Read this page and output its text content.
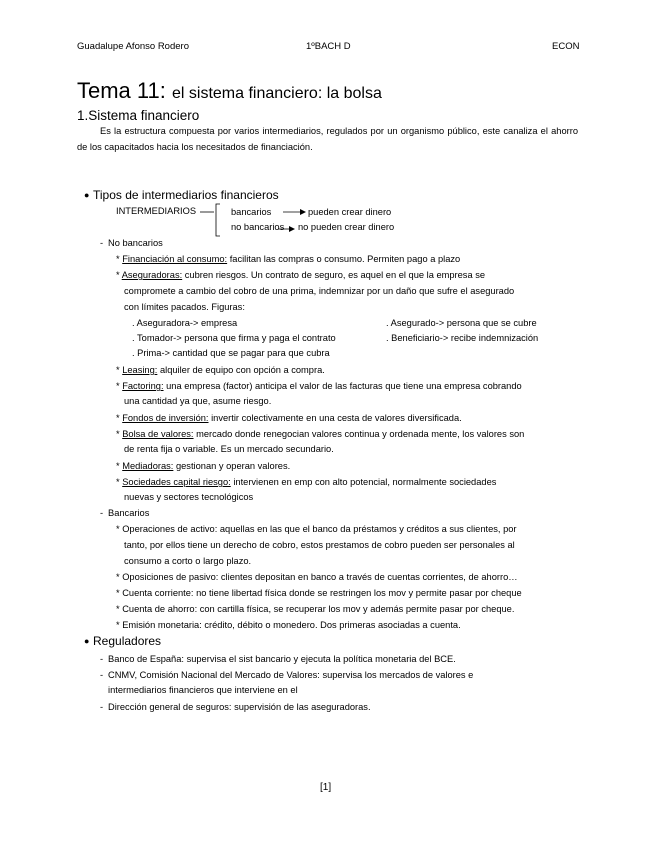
Guadalupe Afonso Rodero	1ºBACH D	ECON
Tema 11: el sistema financiero: la bolsa
1.Sistema financiero
Es la estructura compuesta por varios intermediarios, regulados por un organismo público, este canaliza el ahorro de los capacitados hacia los necesitados de financiación.
● Tipos de intermediarios financieros
INTERMEDIARIOS	bancarios	pueden crear dinero
no bancarios no pueden crear dinero
- No bancarios
* Financiación al consumo: facilitan las compras o consumo. Permiten pago a plazo
* Aseguradoras: cubren riesgos. Un contrato de seguro, es aquel en el que la empresa se
compromete a cambio del cobro de una prima, indemnizar por un daño que sufre el asegurado
con límites pacados. Figuras:
. Aseguradora-> empresa	. Asegurado-> persona que se cubre
. Tomador-> persona que firma y paga el contrato	. Beneficiario-> recibe indemnización
. Prima-> cantidad que se pagar para que cubra
* Leasing: alquiler de equipo con opción a compra.
* Factoring: una empresa (factor) anticipa el valor de las facturas que tiene una empresa cobrando
una cantidad ya que, asume riesgo.
* Fondos de inversión: invertir colectivamente en una cesta de valores diversificada.
* Bolsa de valores: mercado donde renegocian valores continua y ordenada mente, los valores son
de renta fija o variable. Es un mercado secundario.
* Mediadoras: gestionan y operan valores.
* Sociedades capital riesgo: intervienen en emp con alto potencial, normalmente sociedades
nuevas y sectores tecnológicos
- Bancarios
* Operaciones de activo: aquellas en las que el banco da préstamos y créditos a sus clientes, por
tanto, por ellos tiene un derecho de cobro, estos prestamos de cobro pueden ser personales al
consumo a corto o largo plazo.
* Oposiciones de pasivo: clientes depositan en banco a través de cuentas corrientes, de ahorro…
* Cuenta corriente: no tiene libertad física donde se restringen los mov y permite pasar por cheque
* Cuenta de ahorro: con cartilla física, se recuperar los mov y además permite pasar por cheque.
* Emisión monetaria: crédito, débito o monedero. Dos primeras asociadas a cuenta.
● Reguladores
- Banco de España: supervisa el sist bancario y ejecuta la política monetaria del BCE.
- CNMV, Comisión Nacional del Mercado de Valores: supervisa los mercados de valores e
intermediarios financieros que interviene en el
- Dirección general de seguros: supervisión de las aseguradoras.
[1]
